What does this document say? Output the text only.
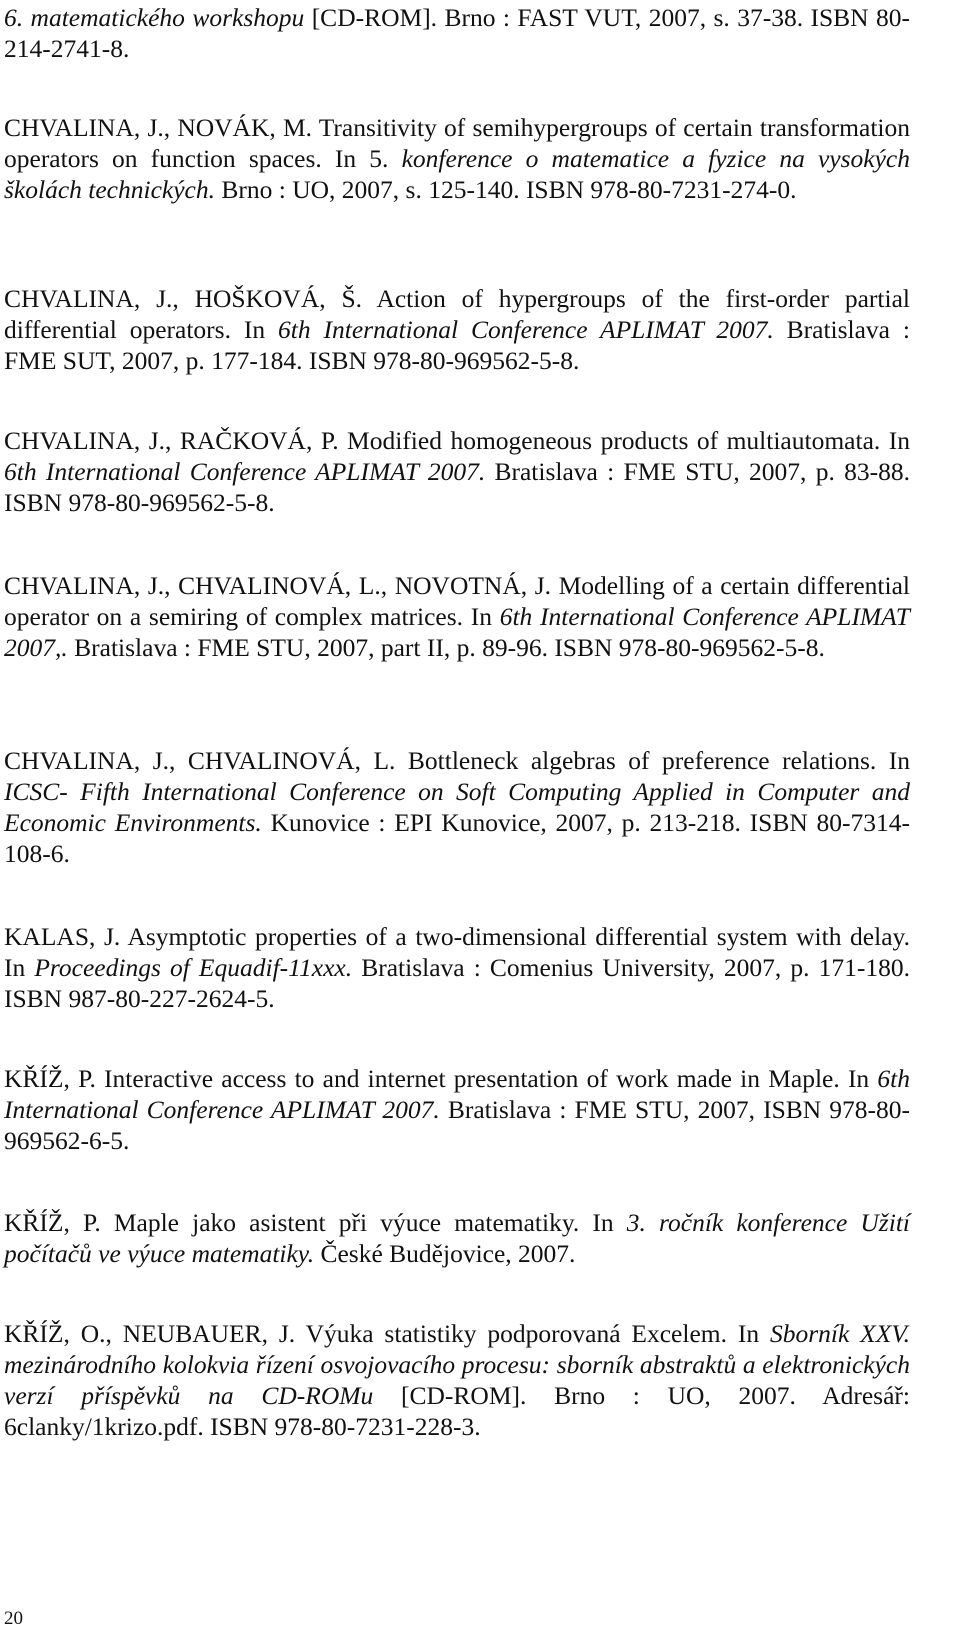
6. matematického workshopu [CD-ROM]. Brno : FAST VUT, 2007, s. 37-38. ISBN 80-214-2741-8.

CHVALINA, J., NOVÁK, M. Transitivity of semihypergroups of certain transformation operators on function spaces. In 5. konference o matematice a fyzice na vysokých školách technických. Brno : UO, 2007, s. 125-140. ISBN 978-80-7231-274-0.

CHVALINA, J., HOŠKOVÁ, Š. Action of hypergroups of the first-order partial differential operators. In 6th International Conference APLIMAT 2007. Bratislava : FME SUT, 2007, p. 177-184. ISBN 978-80-969562-5-8.

CHVALINA, J., RAČKOVÁ, P. Modified homogeneous products of multiautomata. In 6th International Conference APLIMAT 2007. Bratislava : FME STU, 2007, p. 83-88. ISBN 978-80-969562-5-8.

CHVALINA, J., CHVALINOVÁ, L., NOVOTNÁ, J. Modelling of a certain differential operator on a semiring of complex matrices. In 6th International Conference APLIMAT 2007,. Bratislava : FME STU, 2007, part II, p. 89-96. ISBN 978-80-969562-5-8.

CHVALINA, J., CHVALINOVÁ, L. Bottleneck algebras of preference relations. In ICSC- Fifth International Conference on Soft Computing Applied in Computer and Economic Environments. Kunovice : EPI Kunovice, 2007, p. 213-218. ISBN 80-7314-108-6.

KALAS, J. Asymptotic properties of a two-dimensional differential system with delay. In Proceedings of Equadif-11xxx. Bratislava : Comenius University, 2007, p. 171-180. ISBN 987-80-227-2624-5.

KŘÍŽ, P. Interactive access to and internet presentation of work made in Maple. In 6th International Conference APLIMAT 2007. Bratislava : FME STU, 2007, ISBN 978-80-969562-6-5.

KŘÍŽ, P. Maple jako asistent při výuce matematiky. In 3. ročník konference Užití počítačů ve výuce matematiky. České Budějovice, 2007.

KŘÍŽ, O., NEUBAUER, J. Výuka statistiky podporovaná Excelem. In Sborník XXV. mezinárodního kolokvia řízení osvojovacího procesu: sborník abstraktů a elektronických verzí příspěvků na CD-ROMu [CD-ROM]. Brno : UO, 2007. Adresář: 6clanky/1krizo.pdf. ISBN 978-80-7231-228-3.

20
